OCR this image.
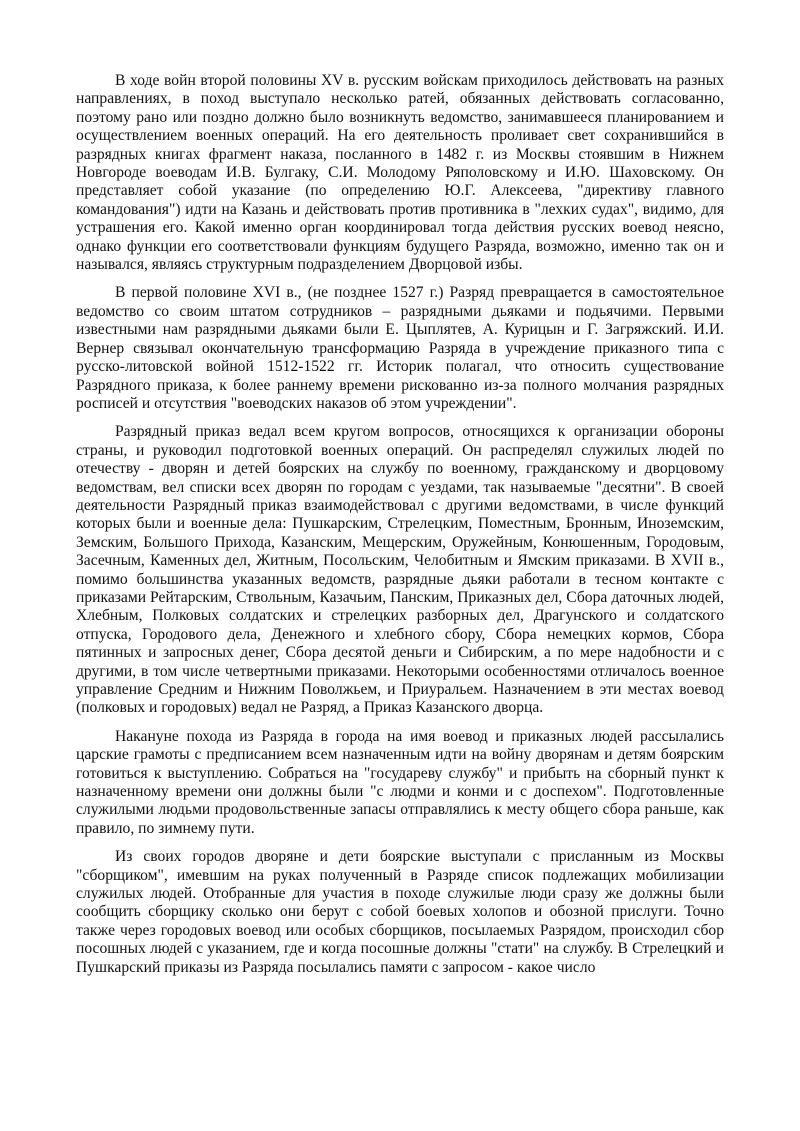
В ходе войн второй половины XV в. русским войскам приходилось действовать на разных направлениях, в поход выступало несколько ратей, обязанных действовать согласованно, поэтому рано или поздно должно было возникнуть ведомство, занимавшееся планированием и осуществлением военных операций. На его деятельность проливает свет сохранившийся в разрядных книгах фрагмент наказа, посланного в 1482 г. из Москвы стоявшим в Нижнем Новгороде воеводам И.В. Булгаку, С.И. Молодому Ряполовскому и И.Ю. Шаховскому. Он представляет собой указание (по определению Ю.Г. Алексеева, "директиву главного командования") идти на Казань и действовать против противника в "лехких судах", видимо, для устрашения его. Какой именно орган координировал тогда действия русских воевод неясно, однако функции его соответствовали функциям будущего Разряда, возможно, именно так он и назывался, являясь структурным подразделением Дворцовой избы.

В первой половине XVI в., (не позднее 1527 г.) Разряд превращается в самостоятельное ведомство со своим штатом сотрудников – разрядными дьяками и подьячими. Первыми известными нам разрядными дьяками были Е. Цыплятев, А. Курицын и Г. Загряжский. И.И. Вернер связывал окончательную трансформацию Разряда в учреждение приказного типа с русско-литовской войной 1512-1522 гг. Историк полагал, что относить существование Разрядного приказа, к более раннему времени рискованно из-за полного молчания разрядных росписей и отсутствия "воеводских наказов об этом учреждении".

Разрядный приказ ведал всем кругом вопросов, относящихся к организации обороны страны, и руководил подготовкой военных операций. Он распределял служилых людей по отечеству - дворян и детей боярских на службу по военному, гражданскому и дворцовому ведомствам, вел списки всех дворян по городам с уездами, так называемые "десятни". В своей деятельности Разрядный приказ взаимодействовал с другими ведомствами, в числе функций которых были и военные дела: Пушкарским, Стрелецким, Поместным, Бронным, Иноземским, Земским, Большого Прихода, Казанским, Мещерским, Оружейным, Конюшенным, Городовым, Засечным, Каменных дел, Житным, Посольским, Челобитным и Ямским приказами. В XVII в., помимо большинства указанных ведомств, разрядные дьяки работали в тесном контакте с приказами Рейтарским, Ствольным, Казачьим, Панским, Приказных дел, Сбора даточных людей, Хлебным, Полковых солдатских и стрелецких разборных дел, Драгунского и солдатского отпуска, Городового дела, Денежного и хлебного сбору, Сбора немецких кормов, Сбора пятинных и запросных денег, Сбора десятой деньги и Сибирским, а по мере надобности и с другими, в том числе четвертными приказами. Некоторыми особенностями отличалось военное управление Средним и Нижним Поволжьем, и Приуральем. Назначением в эти местах воевод (полковых и городовых) ведал не Разряд, а Приказ Казанского дворца.

Накануне похода из Разряда в города на имя воевод и приказных людей рассылались царские грамоты с предписанием всем назначенным идти на войну дворянам и детям боярским готовиться к выступлению. Собраться на "государеву службу" и прибыть на сборный пункт к назначенному времени они должны были "с людми и конми и с доспехом". Подготовленные служилыми людьми продовольственные запасы отправлялись к месту общего сбора раньше, как правило, по зимнему пути.

Из своих городов дворяне и дети боярские выступали с присланным из Москвы "сборщиком", имевшим на руках полученный в Разряде список подлежащих мобилизации служилых людей. Отобранные для участия в походе служилые люди сразу же должны были сообщить сборщику сколько они берут с собой боевых холопов и обозной прислуги. Точно также через городовых воевод или особых сборщиков, посылаемых Разрядом, происходил сбор посошных людей с указанием, где и когда посошные должны "стати" на службу. В Стрелецкий и Пушкарский приказы из Разряда посылались памяти с запросом - какое число
